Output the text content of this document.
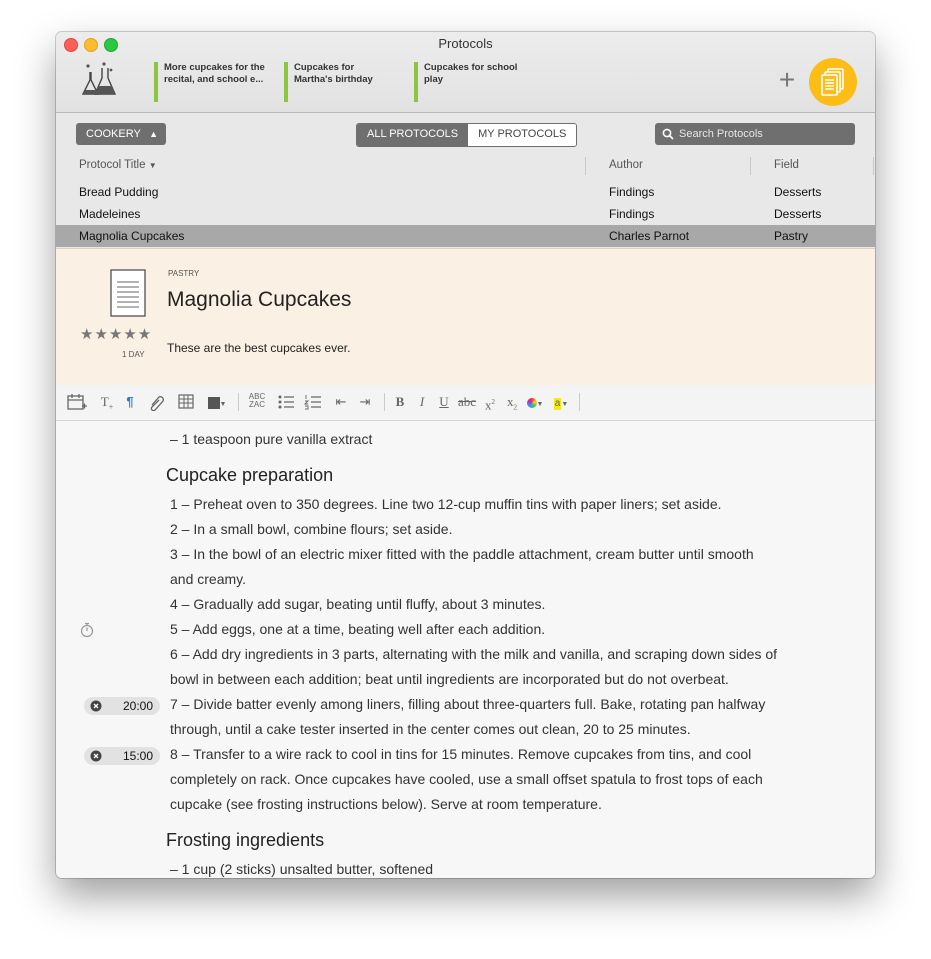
Protocols
More cupcakes for the
recital, and school e...
Cupcakes for
Martha's birthday
Cupcakes for school
play	+
COOKERY ▲	ALL PROTOCOLS	MY PROTOCOLS	Search Protocols
Protocol Title ▼	Author	Field
Bread Pudding	Findings	Desserts
Madeleines	Findings	Desserts
Magnolia Cupcakes	Charles Parnot	Pastry
★★★★★
1 DAY
PASTRY
Magnolia Cupcakes
These are the best cupcakes ever.
$T_+$	¶	▼
ABC
ZAC	⇤ ⇥ B	I	U abc $x^2$ $x_2$	▼	a▼
– 1 teaspoon pure vanilla extract
Cupcake preparation
1 – Preheat oven to 350 degrees. Line two 12-cup muffin tins with paper liners; set aside.
2 – In a small bowl, combine flours; set aside.
3 – In the bowl of an electric mixer fitted with the paddle attachment, cream butter until smooth
and creamy.
4 – Gradually add sugar, beating until fluffy, about 3 minutes.
5 – Add eggs, one at a time, beating well after each addition.
6 – Add dry ingredients in 3 parts, alternating with the milk and vanilla, and scraping down sides of
bowl in between each addition; beat until ingredients are incorporated but do not overbeat.
20:00 7 – Divide batter evenly among liners, filling about three-quarters full. Bake, rotating pan halfway
through, until a cake tester inserted in the center comes out clean, 20 to 25 minutes.
15:00 8 – Transfer to a wire rack to cool in tins for 15 minutes. Remove cupcakes from tins, and cool
completely on rack. Once cupcakes have cooled, use a small offset spatula to frost tops of each
cupcake (see frosting instructions below). Serve at room temperature.
Frosting ingredients
– 1 cup (2 sticks) unsalted butter, softened
